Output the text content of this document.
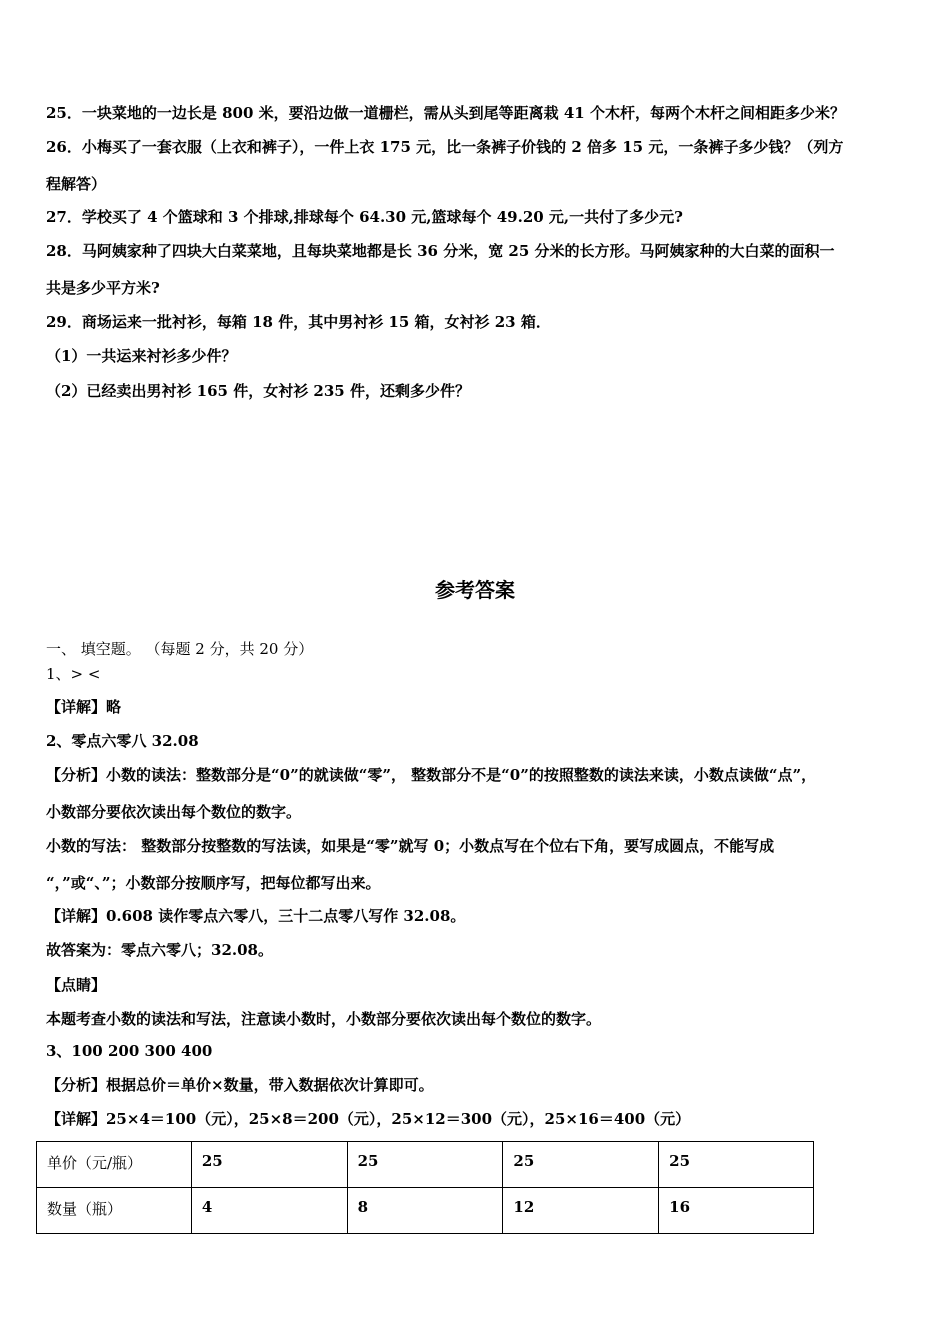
25．一块菜地的一边长是 800 米，要沿边做一道栅栏，需从头到尾等距离栽 41 个木杆，每两个木杆之间相距多少米？
26．小梅买了一套衣服（上衣和裤子），一件上衣 175 元，比一条裤子价钱的 2 倍多 15 元，一条裤子多少钱？（列方
程解答）
27．学校买了 4 个篮球和 3 个排球,排球每个 64.30 元,篮球每个 49.20 元,一共付了多少元?
28．马阿姨家种了四块大白菜菜地，且每块菜地都是长 36 分米，宽 25 分米的长方形。马阿姨家种的大白菜的面积一
共是多少平方米?
29．商场运来一批衬衫，每箱 18 件，其中男衬衫 15 箱，女衬衫 23 箱．
（1）一共运来衬衫多少件？
（2）已经卖出男衬衫 165 件，女衬衫 235 件，还剩多少件？
参考答案
一、 填空题。 （每题 2 分，共 20 分）
1、> <
【详解】略
2、零点六零八 32.08
【分析】小数的读法：整数部分是“0”的就读做“零”， 整数部分不是“0”的按照整数的读法来读，小数点读做“点”，
小数部分要依次读出每个数位的数字。
小数的写法： 整数部分按整数的写法读，如果是“零”就写 0；小数点写在个位右下角，要写成圆点，不能写成
“，”或“、”；小数部分按顺序写，把每位都写出来。
【详解】0.608 读作零点六零八，三十二点零八写作 32.08。
故答案为：零点六零八；32.08。
【点睛】
本题考查小数的读法和写法，注意读小数时，小数部分要依次读出每个数位的数字。
3、100 200 300 400
【分析】根据总价＝单价×数量，带入数据依次计算即可。
【详解】25×4＝100（元），25×8＝200（元），25×12＝300（元），25×16＝400（元）
单价（元/瓶）	25	25	25	25
数量（瓶）	4	8	12	16
